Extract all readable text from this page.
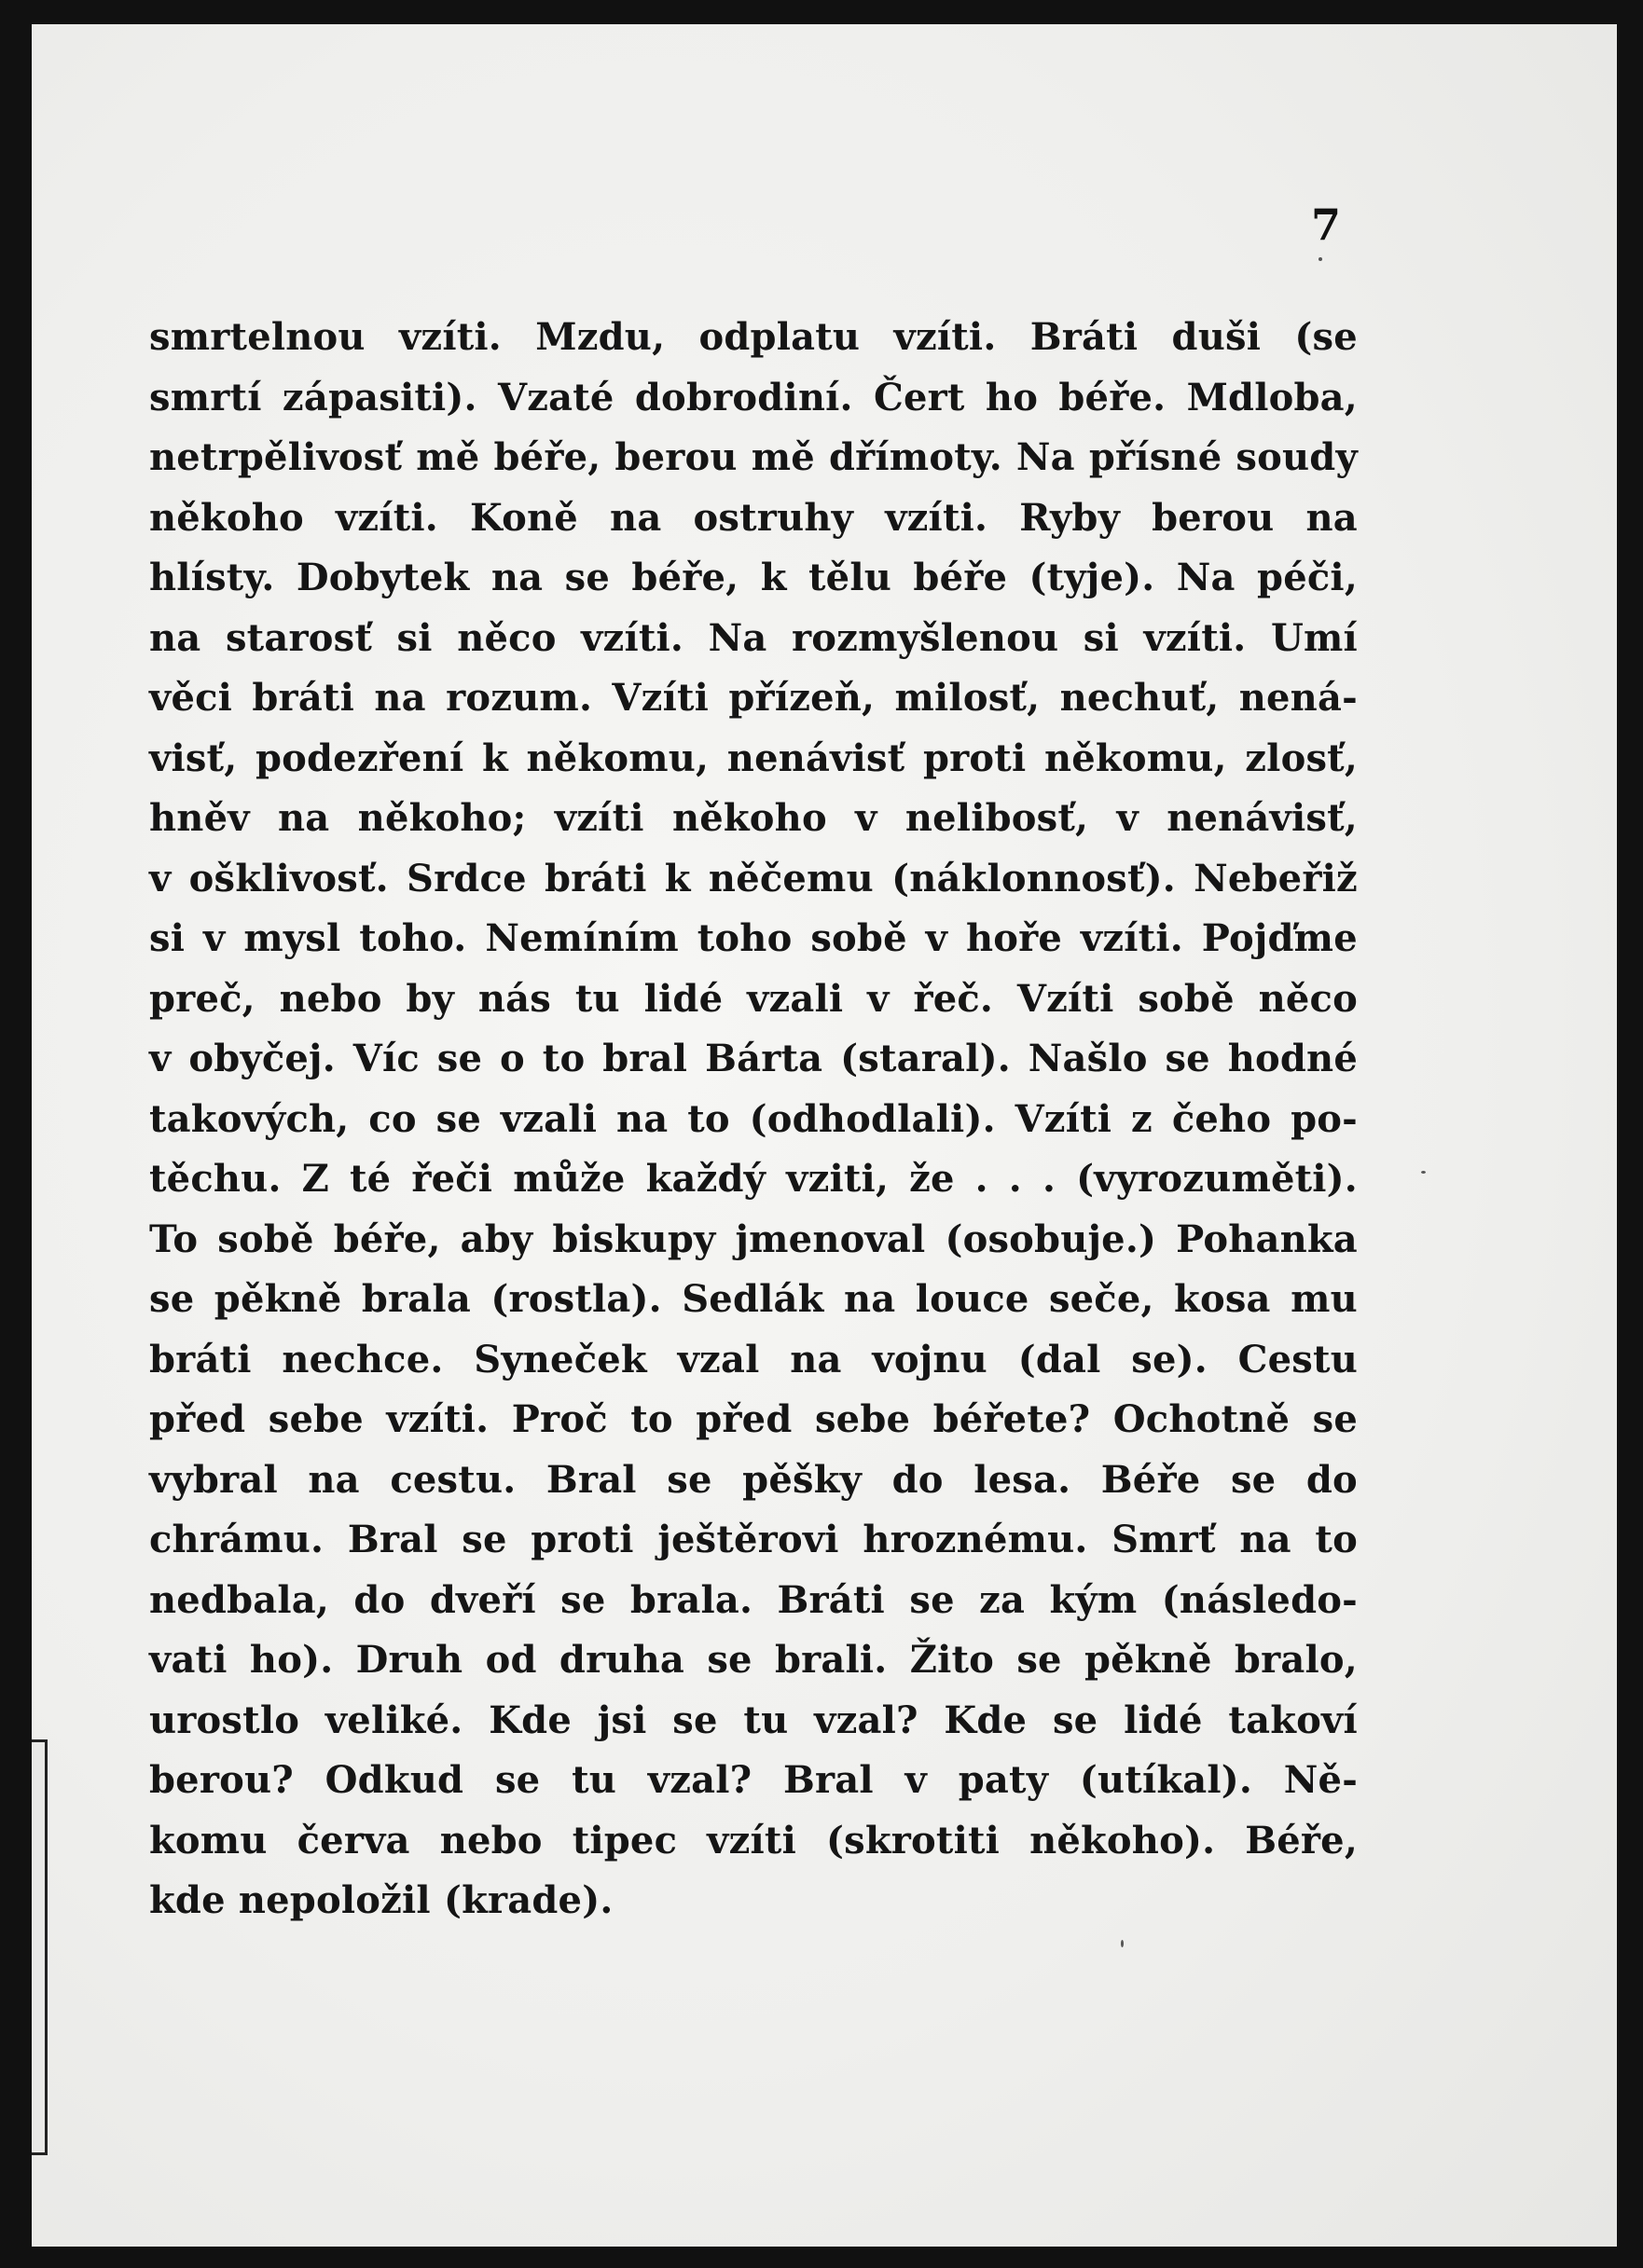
7
smrtelnou vzíti. Mzdu, odplatu vzíti. Bráti duši (se
smrtí zápasiti). Vzaté dobrodiní. Čert ho béře. Mdloba,
netrpělivosť mě béře, berou mě dřímoty. Na přísné soudy
někoho vzíti. Koně na ostruhy vzíti. Ryby berou na
hlísty. Dobytek na se béře, k tělu béře (tyje). Na péči,
na starosť si něco vzíti. Na rozmyšlenou si vzíti. Umí
věci bráti na rozum. Vzíti přízeň, milosť, nechuť, nená-
visť, podezření k někomu, nenávisť proti někomu, zlosť,
hněv na někoho; vzíti někoho v nelibosť, v nenávisť,
v ošklivosť. Srdce bráti k něčemu (náklonnosť). Nebeřiž
si v mysl toho. Nemíním toho sobě v hoře vzíti. Pojďme
preč, nebo by nás tu lidé vzali v řeč. Vzíti sobě něco
v obyčej. Víc se o to bral Bárta (staral). Našlo se hodné
takových, co se vzali na to (odhodlali). Vzíti z čeho po-
těchu. Z té řeči může každý vziti, že . . . (vyrozuměti).
To sobě béře, aby biskupy jmenoval (osobuje.) Pohanka
se pěkně brala (rostla). Sedlák na louce seče, kosa mu
bráti nechce. Syneček vzal na vojnu (dal se). Cestu
před sebe vzíti. Proč to před sebe béřete? Ochotně se
vybral na cestu. Bral se pěšky do lesa. Béře se do
chrámu. Bral se proti ještěrovi hroznému. Smrť na to
nedbala, do dveří se brala. Bráti se za kým (následo-
vati ho). Druh od druha se brali. Žito se pěkně bralo,
urostlo veliké. Kde jsi se tu vzal? Kde se lidé takoví
berou? Odkud se tu vzal? Bral v paty (utíkal). Ně-
komu červa nebo tipec vzíti (skrotiti někoho). Béře,
kde nepoložil (krade).
